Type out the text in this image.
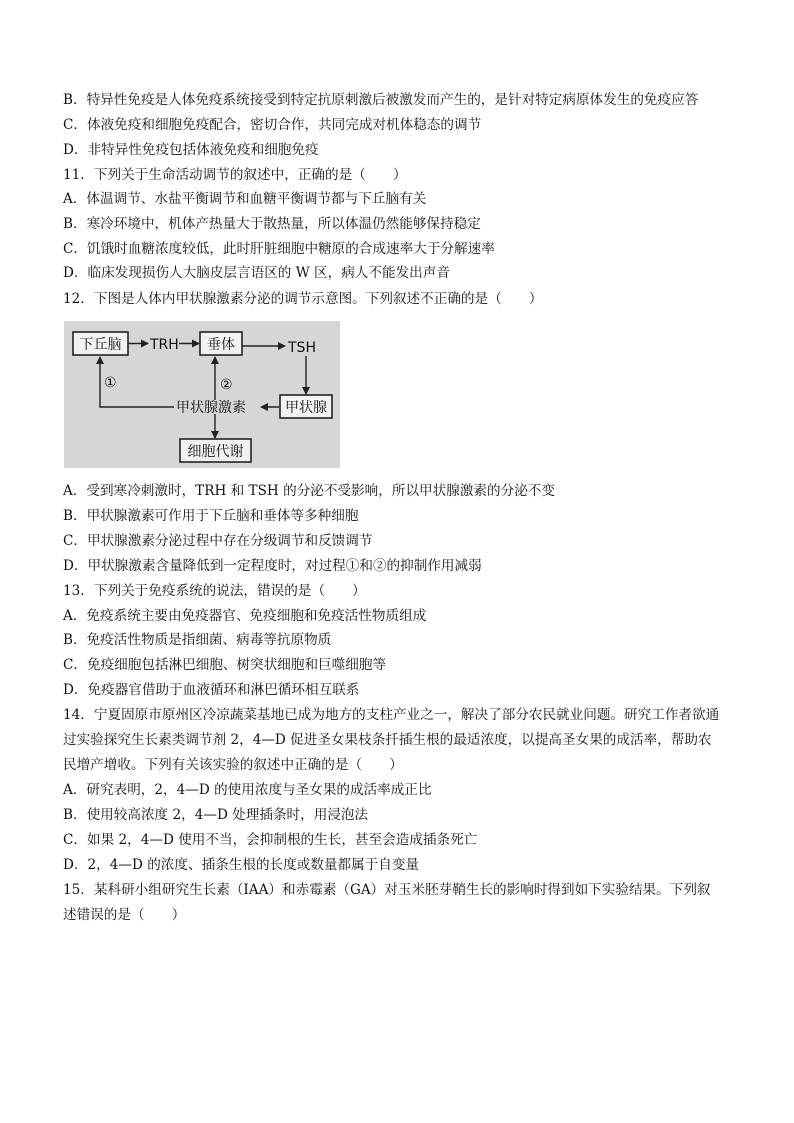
B．特异性免疫是人体免疫系统接受到特定抗原刺激后被激发而产生的，是针对特定病原体发生的免疫应答
C．体液免疫和细胞免疫配合，密切合作，共同完成对机体稳态的调节
D．非特异性免疫包括体液免疫和细胞免疫
11．下列关于生命活动调节的叙述中，正确的是（　　）
A．体温调节、水盐平衡调节和血糖平衡调节都与下丘脑有关
B．寒冷环境中，机体产热量大于散热量，所以体温仍然能够保持稳定
C．饥饿时血糖浓度较低，此时肝脏细胞中糖原的合成速率大于分解速率
D．临床发现损伤人大脑皮层言语区的 W 区，病人不能发出声音
12．下图是人体内甲状腺激素分泌的调节示意图。下列叙述不正确的是（　　）
下丘脑	垂体
甲状腺
细胞代谢
TRH	TSH
甲状腺激素
①	②
A．受到寒冷刺激时，TRH 和 TSH 的分泌不受影响，所以甲状腺激素的分泌不变
B．甲状腺激素可作用于下丘脑和垂体等多种细胞
C．甲状腺激素分泌过程中存在分级调节和反馈调节
D．甲状腺激素含量降低到一定程度时，对过程①和②的抑制作用减弱
13．下列关于免疫系统的说法，错误的是（　　）
A．免疫系统主要由免疫器官、免疫细胞和免疫活性物质组成
B．免疫活性物质是指细菌、病毒等抗原物质
C．免疫细胞包括淋巴细胞、树突状细胞和巨噬细胞等
D．免疫器官借助于血液循环和淋巴循环相互联系
14．宁夏固原市原州区冷凉蔬菜基地已成为地方的支柱产业之一，解决了部分农民就业问题。研究工作者欲通
过实验探究生长素类调节剂 2，4—D 促进圣女果枝条扦插生根的最适浓度，以提高圣女果的成活率，帮助农
民增产增收。下列有关该实验的叙述中正确的是（　　）
A．研究表明，2，4—D 的使用浓度与圣女果的成活率成正比
B．使用较高浓度 2，4—D 处理插条时，用浸泡法
C．如果 2，4—D 使用不当，会抑制根的生长，甚至会造成插条死亡
D．2，4—D 的浓度、插条生根的长度或数量都属于自变量
15．某科研小组研究生长素（IAA）和赤霉素（GA）对玉米胚芽鞘生长的影响时得到如下实验结果。下列叙
述错误的是（　　）
